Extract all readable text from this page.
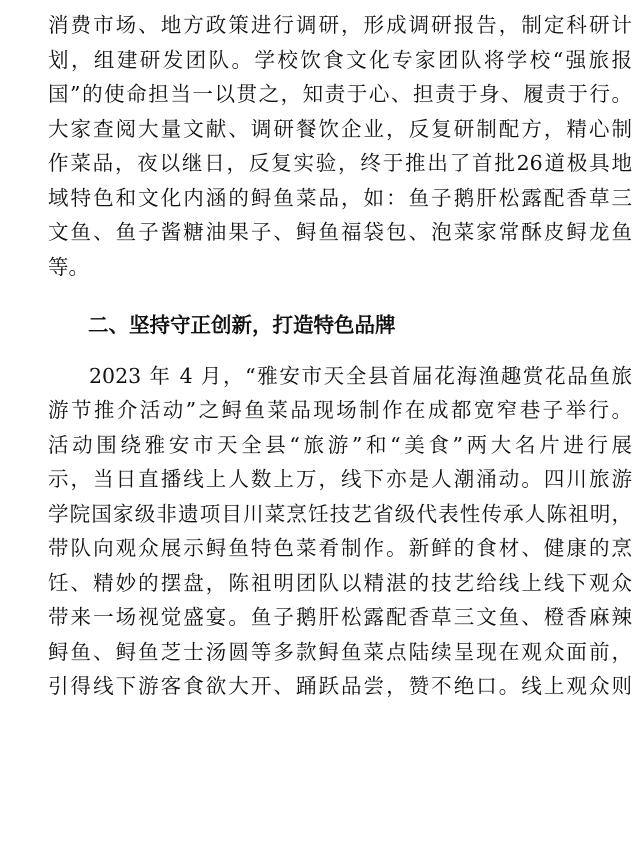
消费市场、地方政策进行调研，形成调研报告，制定科研计
划，组建研发团队。学校饮食文化专家团队将学校“强旅报
国”的使命担当一以贯之，知责于心、担责于身、履责于行。
大家查阅大量文献、调研餐饮企业，反复研制配方，精心制
作菜品，夜以继日，反复实验，终于推出了首批26道极具地
域特色和文化内涵的鲟鱼菜品，如：鱼子鹅肝松露配香草三
文鱼、鱼子酱糖油果子、鲟鱼福袋包、泡菜家常酥皮鲟龙鱼
等。
二、坚持守正创新，打造特色品牌
2023 年 4 月，“雅安市天全县首届花海渔趣赏花品鱼旅
游节推介活动”之鲟鱼菜品现场制作在成都宽窄巷子举行。
活动围绕雅安市天全县“旅游”和“美食”两大名片进行展
示，当日直播线上人数上万，线下亦是人潮涌动。四川旅游
学院国家级非遗项目川菜烹饪技艺省级代表性传承人陈祖明，
带队向观众展示鲟鱼特色菜肴制作。新鲜的食材、健康的烹
饪、精妙的摆盘，陈祖明团队以精湛的技艺给线上线下观众
带来一场视觉盛宴。鱼子鹅肝松露配香草三文鱼、橙香麻辣
鲟鱼、鲟鱼芝士汤圆等多款鲟鱼菜点陆续呈现在观众面前，
引得线下游客食欲大开、踊跃品尝，赞不绝口。线上观众则
